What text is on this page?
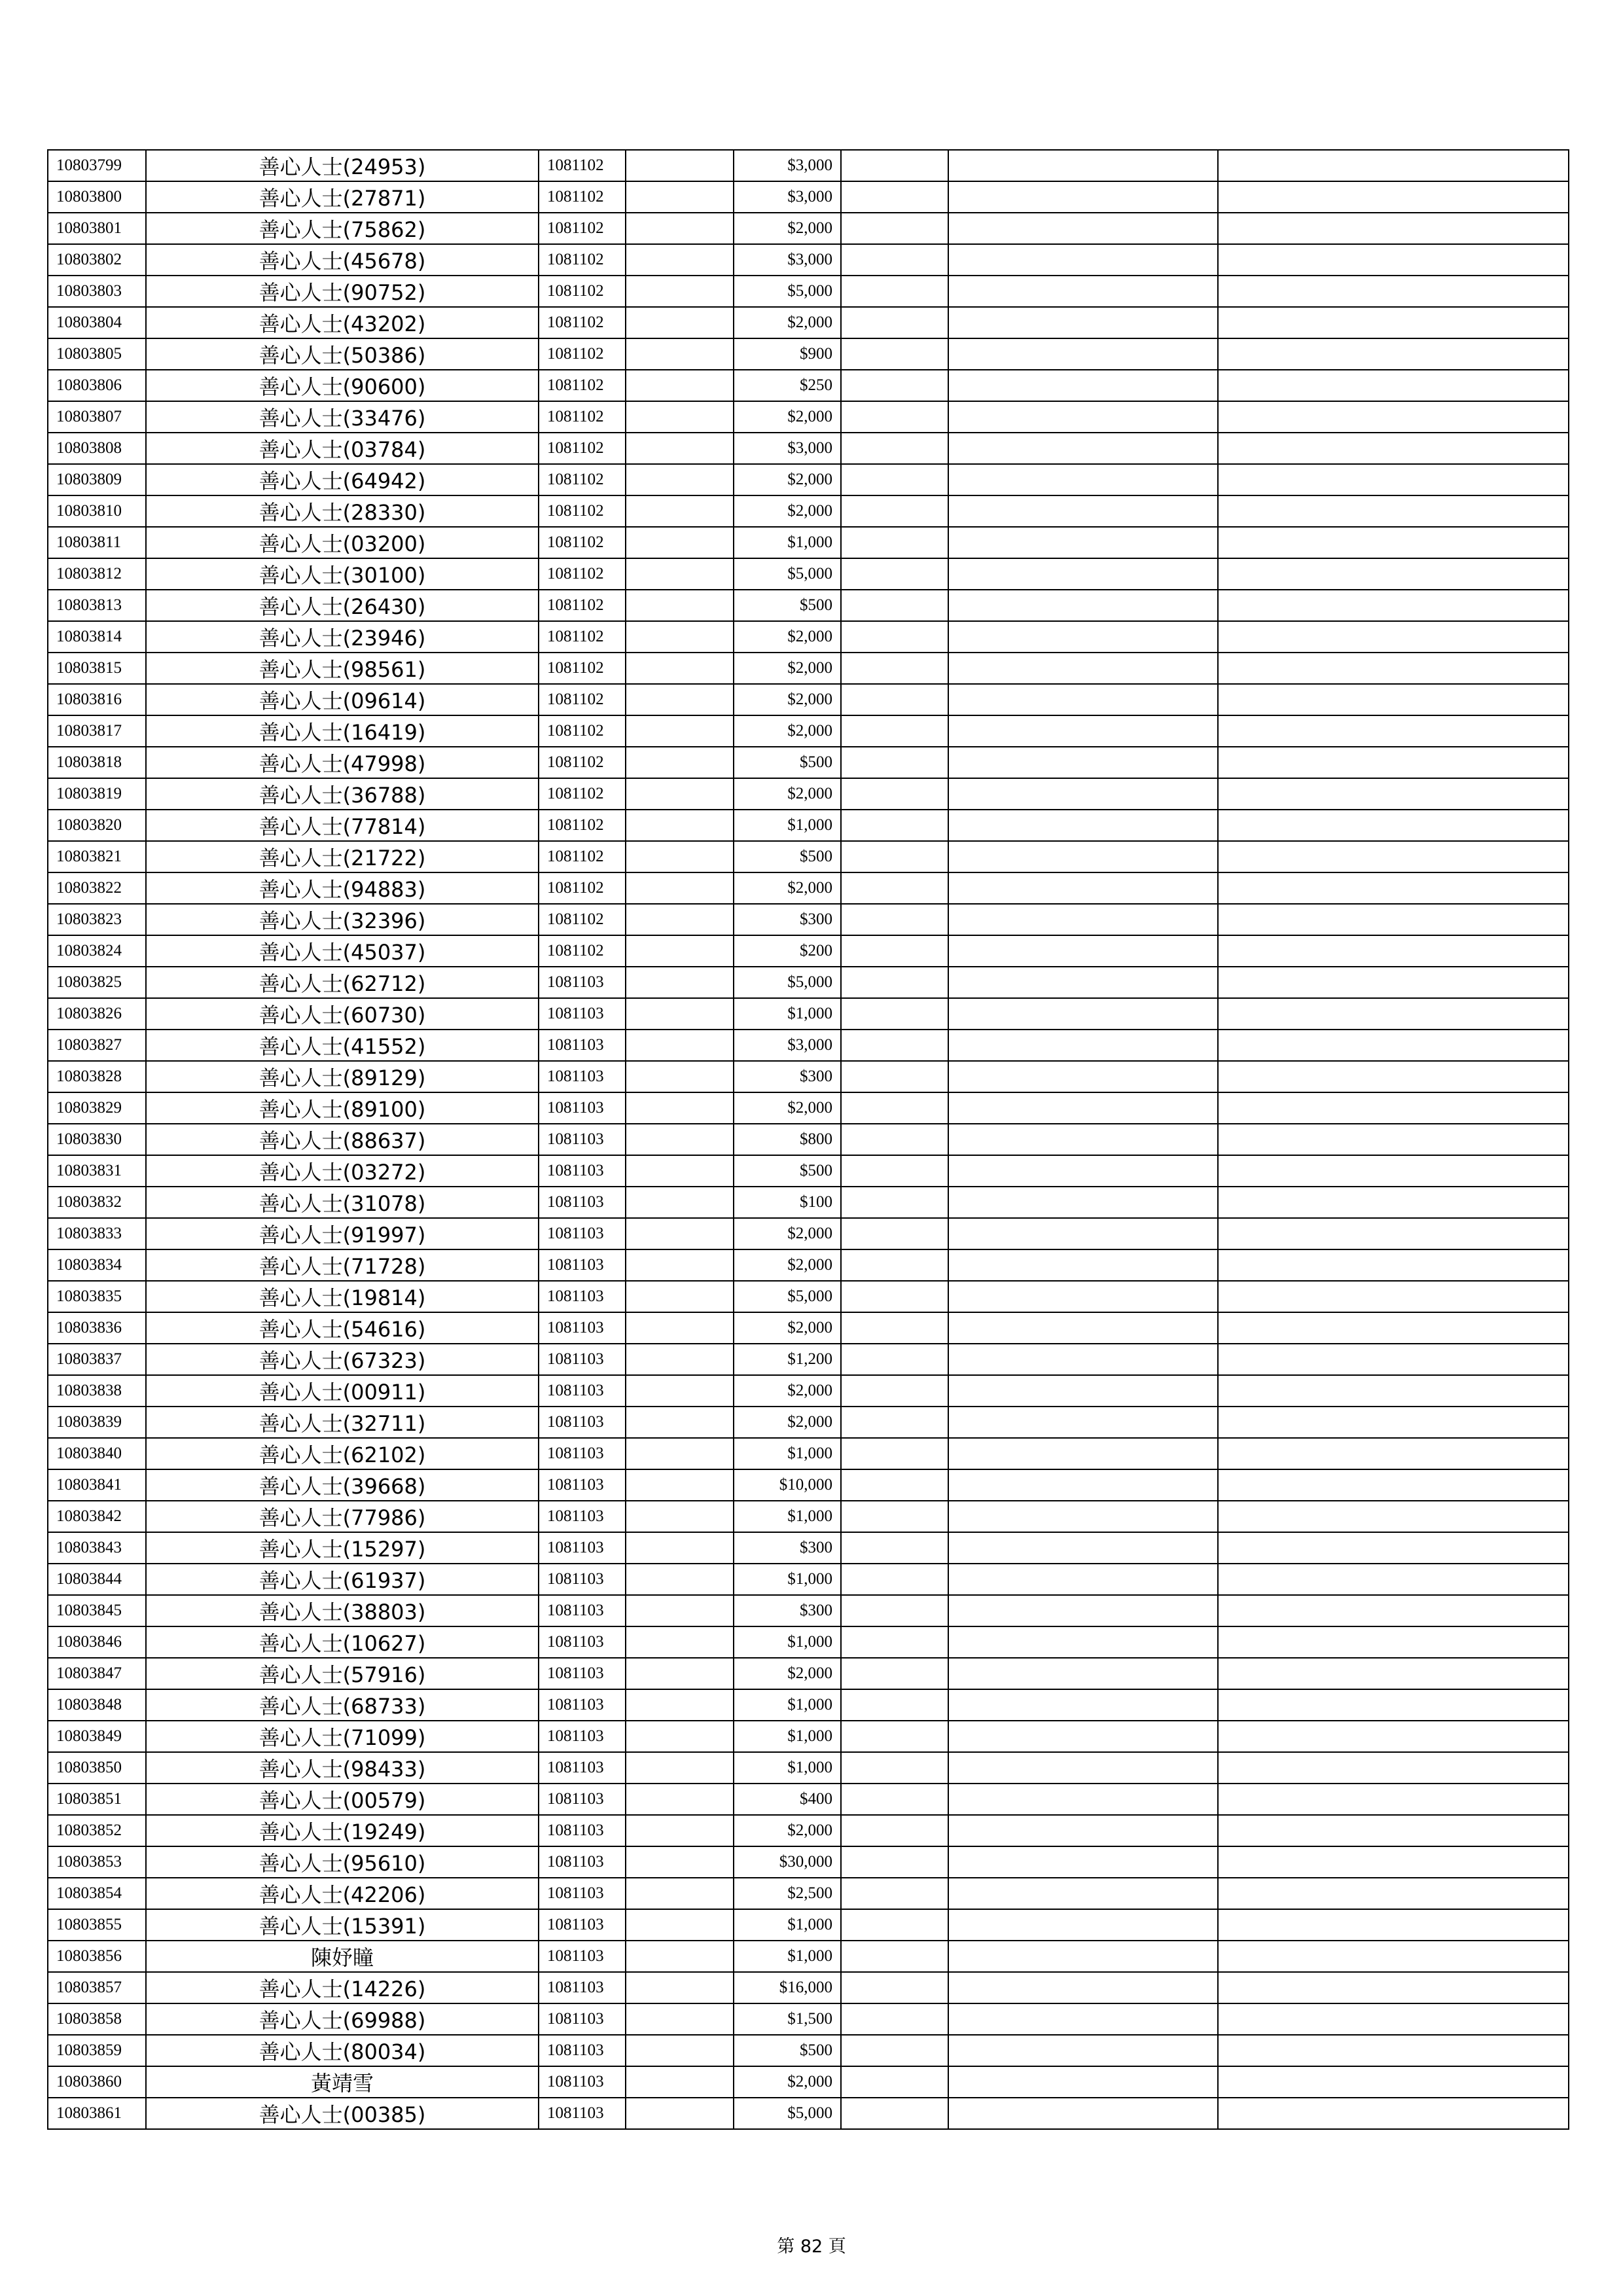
10803799	善心人士(24953)	1081102		$3,000			
10803800	善心人士(27871)	1081102		$3,000			
10803801	善心人士(75862)	1081102		$2,000			
10803802	善心人士(45678)	1081102		$3,000			
10803803	善心人士(90752)	1081102		$5,000			
10803804	善心人士(43202)	1081102		$2,000			
10803805	善心人士(50386)	1081102		$900			
10803806	善心人士(90600)	1081102		$250			
10803807	善心人士(33476)	1081102		$2,000			
10803808	善心人士(03784)	1081102		$3,000			
10803809	善心人士(64942)	1081102		$2,000			
10803810	善心人士(28330)	1081102		$2,000			
10803811	善心人士(03200)	1081102		$1,000			
10803812	善心人士(30100)	1081102		$5,000			
10803813	善心人士(26430)	1081102		$500			
10803814	善心人士(23946)	1081102		$2,000			
10803815	善心人士(98561)	1081102		$2,000			
10803816	善心人士(09614)	1081102		$2,000			
10803817	善心人士(16419)	1081102		$2,000			
10803818	善心人士(47998)	1081102		$500			
10803819	善心人士(36788)	1081102		$2,000			
10803820	善心人士(77814)	1081102		$1,000			
10803821	善心人士(21722)	1081102		$500			
10803822	善心人士(94883)	1081102		$2,000			
10803823	善心人士(32396)	1081102		$300			
10803824	善心人士(45037)	1081102		$200			
10803825	善心人士(62712)	1081103		$5,000			
10803826	善心人士(60730)	1081103		$1,000			
10803827	善心人士(41552)	1081103		$3,000			
10803828	善心人士(89129)	1081103		$300			
10803829	善心人士(89100)	1081103		$2,000			
10803830	善心人士(88637)	1081103		$800			
10803831	善心人士(03272)	1081103		$500			
10803832	善心人士(31078)	1081103		$100			
10803833	善心人士(91997)	1081103		$2,000			
10803834	善心人士(71728)	1081103		$2,000			
10803835	善心人士(19814)	1081103		$5,000			
10803836	善心人士(54616)	1081103		$2,000			
10803837	善心人士(67323)	1081103		$1,200			
10803838	善心人士(00911)	1081103		$2,000			
10803839	善心人士(32711)	1081103		$2,000			
10803840	善心人士(62102)	1081103		$1,000			
10803841	善心人士(39668)	1081103		$10,000			
10803842	善心人士(77986)	1081103		$1,000			
10803843	善心人士(15297)	1081103		$300			
10803844	善心人士(61937)	1081103		$1,000			
10803845	善心人士(38803)	1081103		$300			
10803846	善心人士(10627)	1081103		$1,000			
10803847	善心人士(57916)	1081103		$2,000			
10803848	善心人士(68733)	1081103		$1,000			
10803849	善心人士(71099)	1081103		$1,000			
10803850	善心人士(98433)	1081103		$1,000			
10803851	善心人士(00579)	1081103		$400			
10803852	善心人士(19249)	1081103		$2,000			
10803853	善心人士(95610)	1081103		$30,000			
10803854	善心人士(42206)	1081103		$2,500			
10803855	善心人士(15391)	1081103		$1,000			
10803856	陳妤瞳	1081103		$1,000			
10803857	善心人士(14226)	1081103		$16,000			
10803858	善心人士(69988)	1081103		$1,500			
10803859	善心人士(80034)	1081103		$500			
10803860	黃靖雪	1081103		$2,000			
10803861	善心人士(00385)	1081103		$5,000			
第 82 頁
